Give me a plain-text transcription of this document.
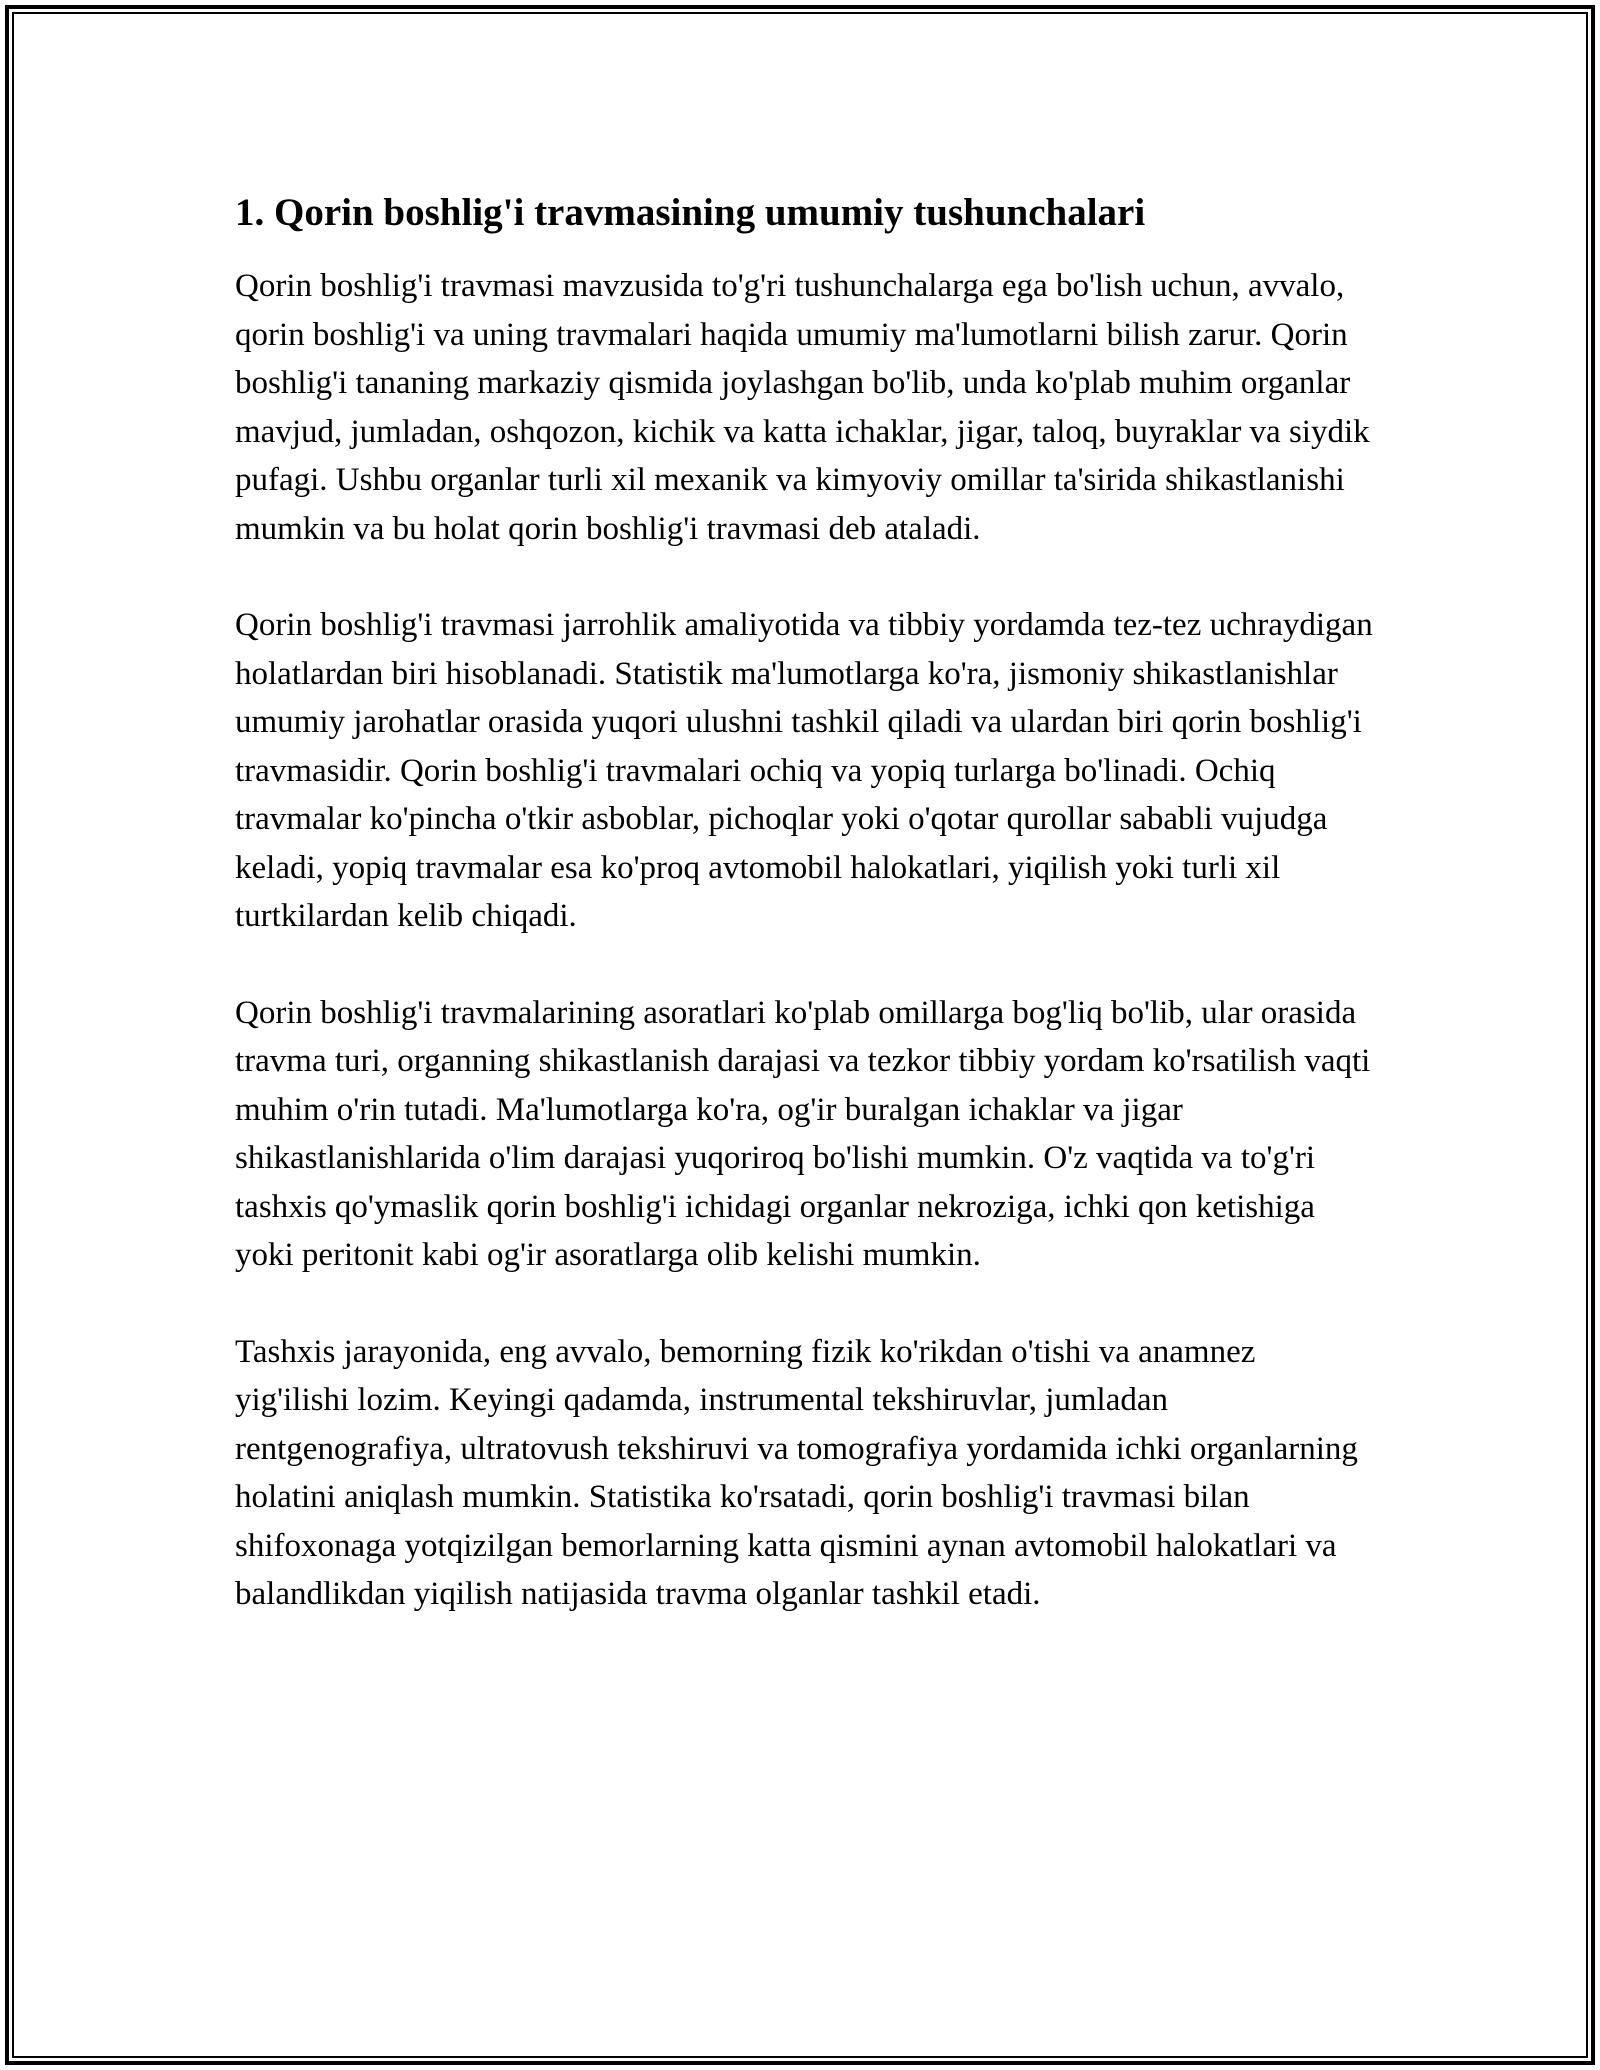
1. Qorin boshlig'i travmasining umumiy tushunchalari

Qorin boshlig'i travmasi mavzusida to'g'ri tushunchalarga ega bo'lish uchun, avvalo, qorin boshlig'i va uning travmalari haqida umumiy ma'lumotlarni bilish zarur. Qorin boshlig'i tananing markaziy qismida joylashgan bo'lib, unda ko'plab muhim organlar mavjud, jumladan, oshqozon, kichik va katta ichaklar, jigar, taloq, buyraklar va siydik pufagi. Ushbu organlar turli xil mexanik va kimyoviy omillar ta'sirida shikastlanishi mumkin va bu holat qorin boshlig'i travmasi deb ataladi.

Qorin boshlig'i travmasi jarrohlik amaliyotida va tibbiy yordamda tez-tez uchraydigan holatlardan biri hisoblanadi. Statistik ma'lumotlarga ko'ra, jismoniy shikastlanishlar umumiy jarohatlar orasida yuqori ulushni tashkil qiladi va ulardan biri qorin boshlig'i travmasidir. Qorin boshlig'i travmalari ochiq va yopiq turlarga bo'linadi. Ochiq travmalar ko'pincha o'tkir asboblar, pichoqlar yoki o'qotar qurollar sababli vujudga keladi, yopiq travmalar esa ko'proq avtomobil halokatlari, yiqilish yoki turli xil turtkilardan kelib chiqadi.

Qorin boshlig'i travmalarining asoratlari ko'plab omillarga bog'liq bo'lib, ular orasida travma turi, organning shikastlanish darajasi va tezkor tibbiy yordam ko'rsatilish vaqti muhim o'rin tutadi. Ma'lumotlarga ko'ra, og'ir buralgan ichaklar va jigar shikastlanishlarida o'lim darajasi yuqoriroq bo'lishi mumkin. O'z vaqtida va to'g'ri tashxis qo'ymaslik qorin boshlig'i ichidagi organlar nekroziga, ichki qon ketishiga yoki peritonit kabi og'ir asoratlarga olib kelishi mumkin.

Tashxis jarayonida, eng avvalo, bemorning fizik ko'rikdan o'tishi va anamnez yig'ilishi lozim. Keyingi qadamda, instrumental tekshiruvlar, jumladan rentgenografiya, ultratovush tekshiruvi va tomografiya yordamida ichki organlarning holatini aniqlash mumkin. Statistika ko'rsatadi, qorin boshlig'i travmasi bilan shifoxonaga yotqizilgan bemorlarning katta qismini aynan avtomobil halokatlari va balandlikdan yiqilish natijasida travma olganlar tashkil etadi.
